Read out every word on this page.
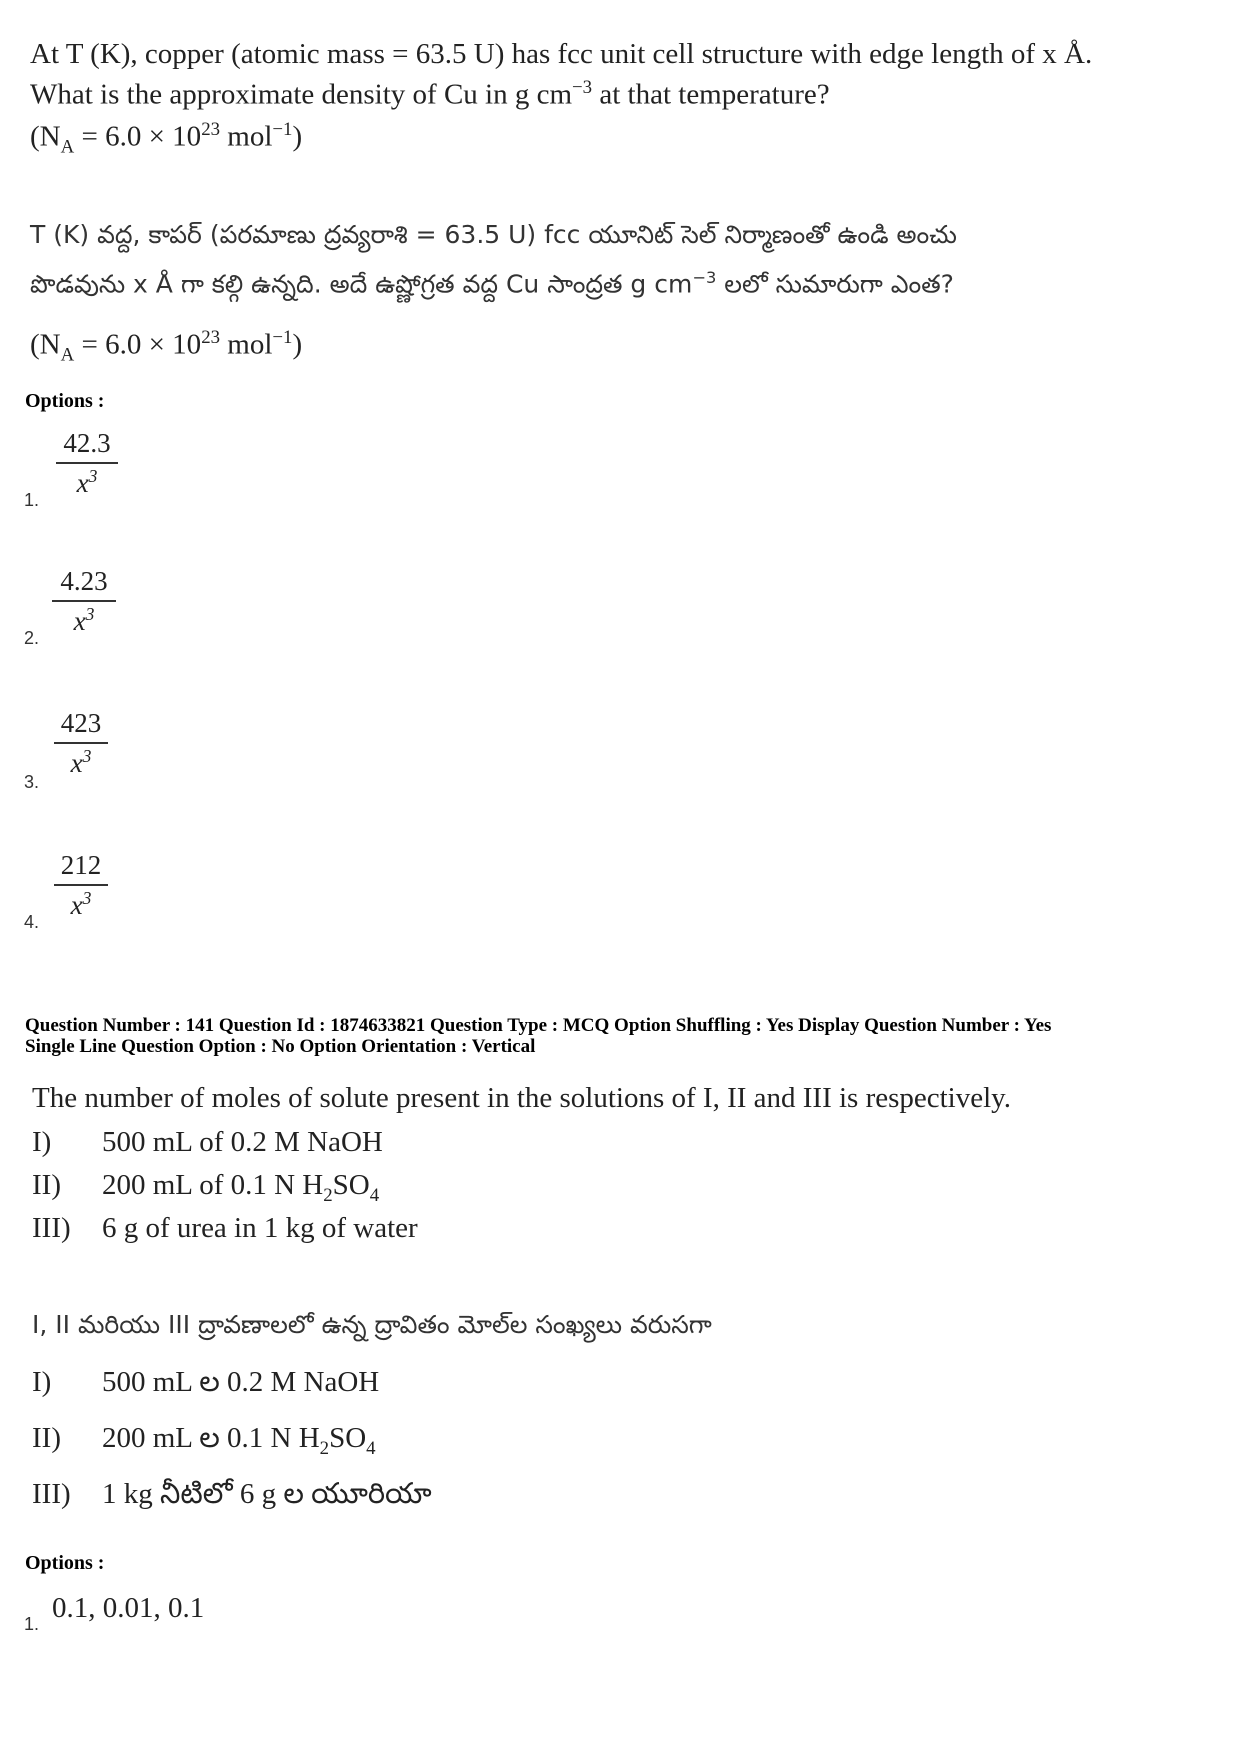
At T (K), copper (atomic mass = 63.5 U) has fcc unit cell structure with edge length of x Å.
What is the approximate density of Cu in g $cm^{-3}$ at that temperature?
($N_A = 6.0 \times 10^{23}$ mol$^{-1}$)
T (K) వద్ద, కాపర్ (పరమాణు ద్రవ్యరాశి = 63.5 U) fcc యూనిట్ సెల్ నిర్మాణంతో ఉండి అంచు
పొడవును x Å గా కల్గి ఉన్నది. అదే ఉష్ణోగ్రత వద్ద Cu సాంద్రత g $cm^{-3}$ లలో సుమారుగా ఎంత?
($N_A = 6.0 \times 10^{23}$ mol$^{-1}$)
Options :
1.
$\frac{42.3}{x^3}$
2.
$\frac{4.23}{x^3}$
3.
$\frac{423}{x^3}$
4.
$\frac{212}{x^3}$
Question Number : 141 Question Id : 1874633821 Question Type : MCQ Option Shuffling : Yes Display Question Number : Yes
Single Line Question Option : No Option Orientation : Vertical
The number of moles of solute present in the solutions of I, II and III is respectively.
I) 500 mL of 0.2 M NaOH
II) 200 mL of 0.1 N $H_2SO_4$
III) 6 g of urea in 1 kg of water
I, II మరియు III ద్రావణాలలో ఉన్న ద్రావితం మోల్‌ల సంఖ్యలు వరుసగా
I) 500 mL ల 0.2 M NaOH
II) 200 mL ల 0.1 N $H_2SO_4$
III) 1 kg నీటిలో 6 g ల యూరియా
Options :
1. 0.1, 0.01, 0.1
